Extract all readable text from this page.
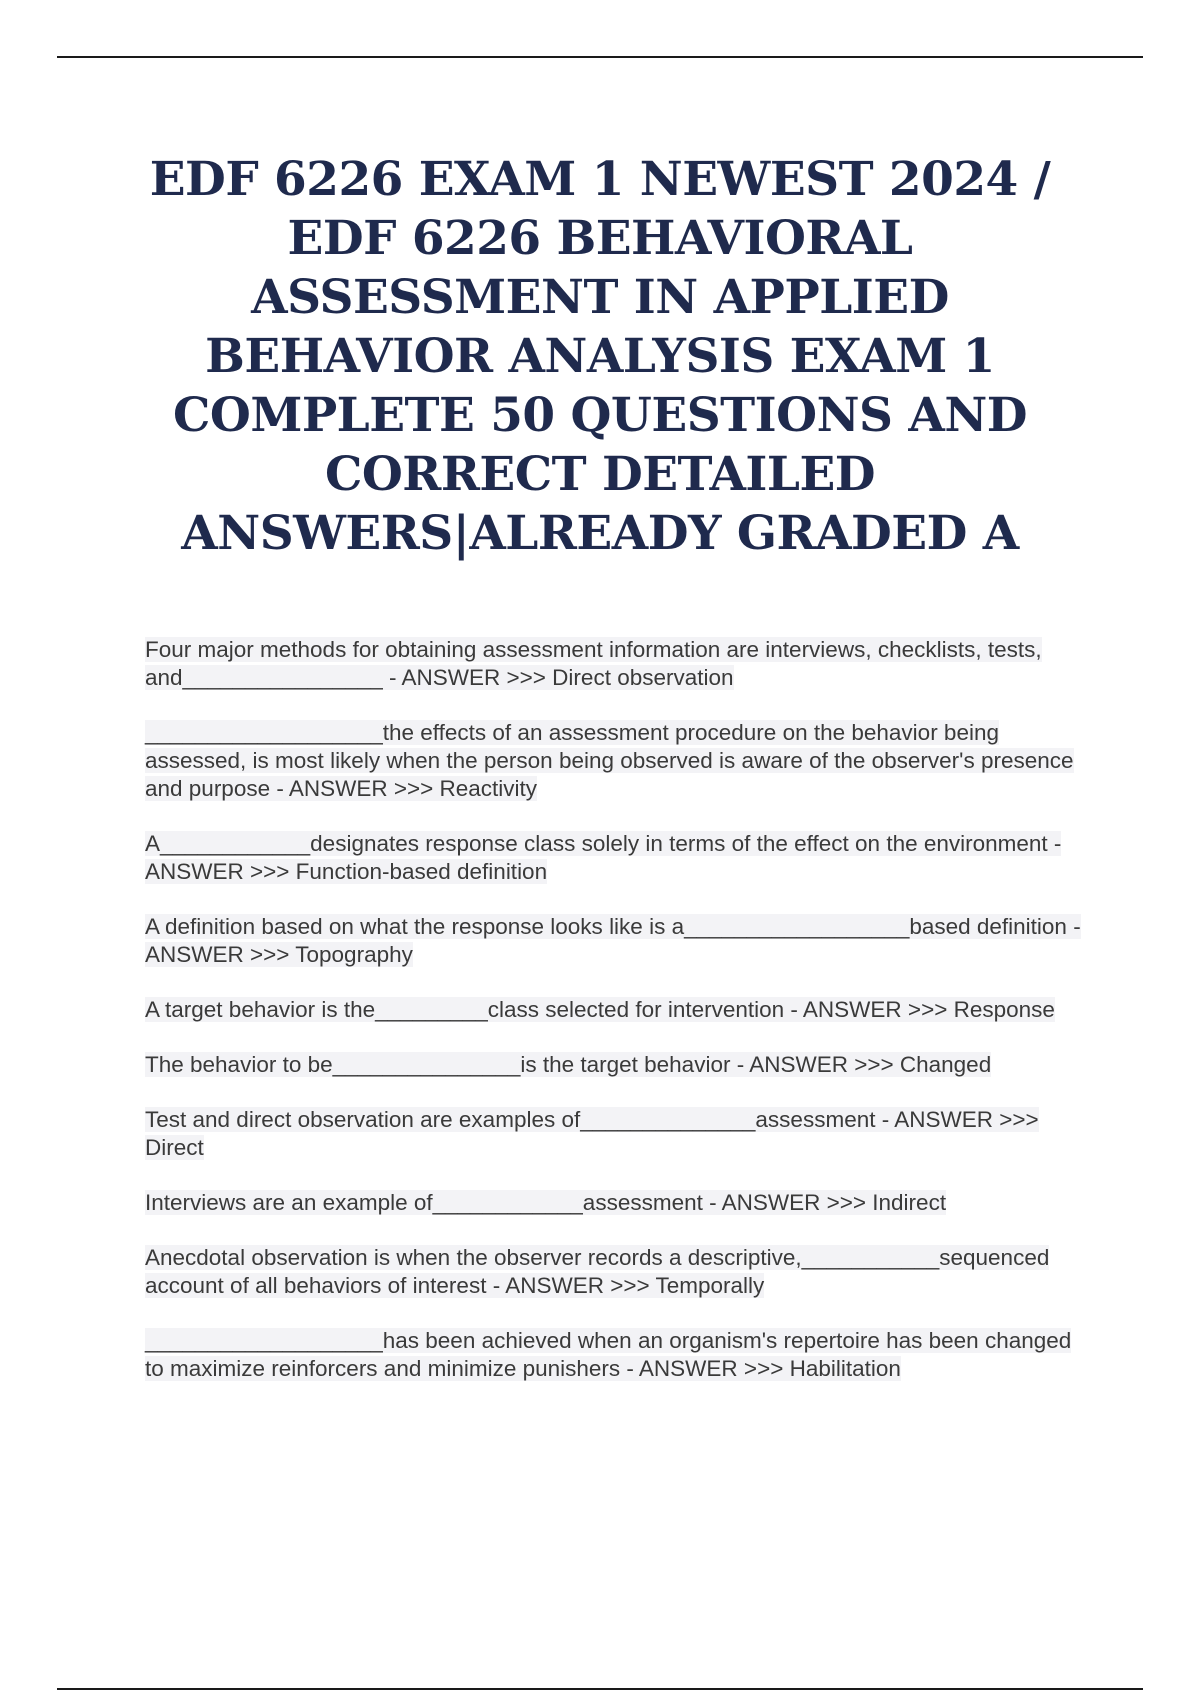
EDF 6226 EXAM 1 NEWEST 2024 / EDF 6226 BEHAVIORAL ASSESSMENT IN APPLIED BEHAVIOR ANALYSIS EXAM 1 COMPLETE 50 QUESTIONS AND CORRECT DETAILED ANSWERS|ALREADY GRADED A

Four major methods for obtaining assessment information are interviews, checklists, tests, and________________ - ANSWER >>> Direct observation

___________________the effects of an assessment procedure on the behavior being assessed, is most likely when the person being observed is aware of the observer's presence and purpose - ANSWER >>> Reactivity

A____________designates response class solely in terms of the effect on the environment - ANSWER >>> Function-based definition

A definition based on what the response looks like is a__________________based definition - ANSWER >>> Topography

A target behavior is the_________class selected for intervention - ANSWER >>> Response

The behavior to be_______________is the target behavior - ANSWER >>> Changed

Test and direct observation are examples of______________assessment - ANSWER >>> Direct

Interviews are an example of____________assessment - ANSWER >>> Indirect

Anecdotal observation is when the observer records a descriptive,___________sequenced account of all behaviors of interest - ANSWER >>> Temporally

___________________has been achieved when an organism's repertoire has been changed to maximize reinforcers and minimize punishers - ANSWER >>> Habilitation
